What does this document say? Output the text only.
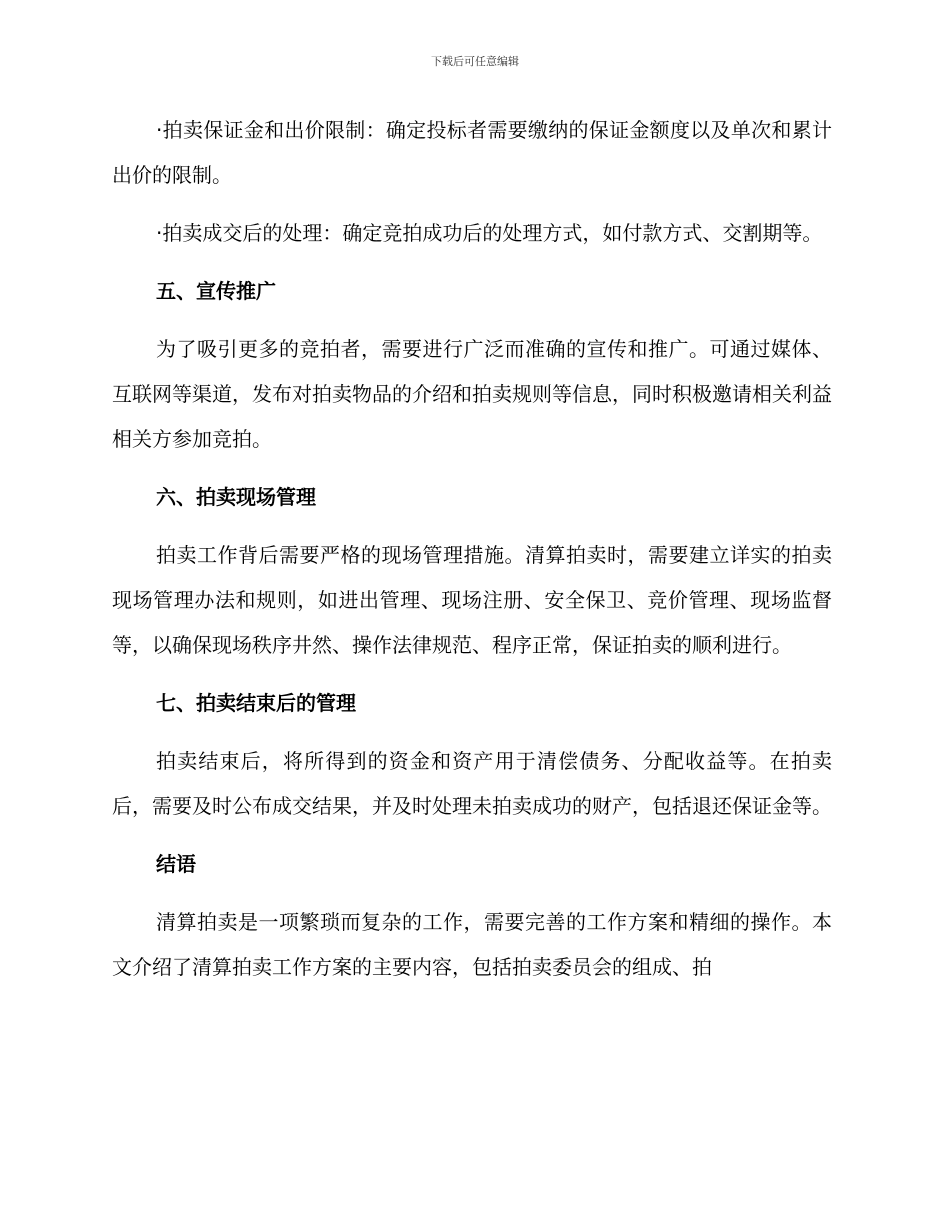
下载后可任意编辑

·拍卖保证金和出价限制：确定投标者需要缴纳的保证金额度以及单次和累计出价的限制。

·拍卖成交后的处理：确定竞拍成功后的处理方式，如付款方式、交割期等。

五、宣传推广

为了吸引更多的竞拍者，需要进行广泛而准确的宣传和推广。可通过媒体、互联网等渠道，发布对拍卖物品的介绍和拍卖规则等信息，同时积极邀请相关利益相关方参加竞拍。

六、拍卖现场管理

拍卖工作背后需要严格的现场管理措施。清算拍卖时，需要建立详实的拍卖现场管理办法和规则，如进出管理、现场注册、安全保卫、竞价管理、现场监督等，以确保现场秩序井然、操作法律规范、程序正常，保证拍卖的顺利进行。

七、拍卖结束后的管理

拍卖结束后，将所得到的资金和资产用于清偿债务、分配收益等。在拍卖后，需要及时公布成交结果，并及时处理未拍卖成功的财产，包括退还保证金等。

结语

清算拍卖是一项繁琐而复杂的工作，需要完善的工作方案和精细的操作。本文介绍了清算拍卖工作方案的主要内容，包括拍卖委员会的组成、拍
